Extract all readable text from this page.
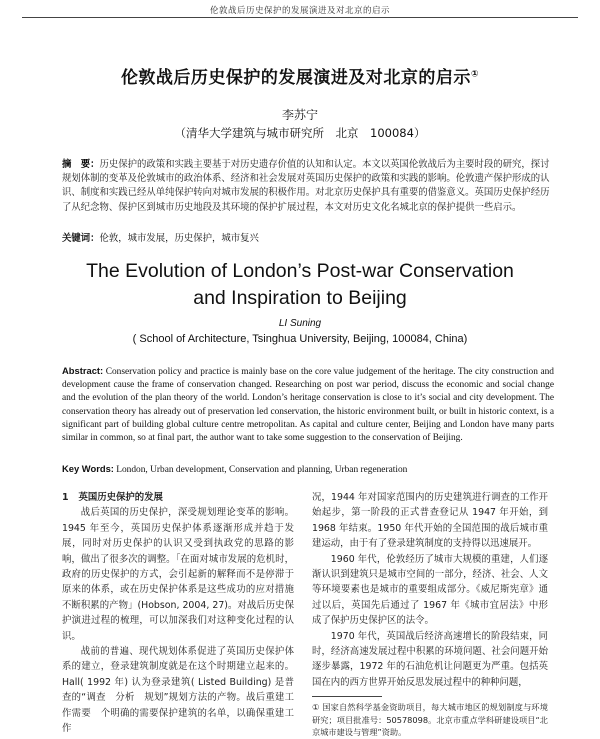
伦敦战后历史保护的发展演进及对北京的启示
伦敦战后历史保护的发展演进及对北京的启示①
李苏宁
（清华大学建筑与城市研究所　北京　100084）
摘　要：历史保护的政策和实践主要基于对历史遗存价值的认知和认定。本文以英国伦敦战后为主要时段的研究，探讨规划体制的变革及伦敦城市的政治体系、经济和社会发展对英国历史保护的政策和实践的影响。伦敦遗产保护形成的认识、制度和实践已经从单纯保护转向对城市发展的积极作用。对北京历史保护具有重要的借鉴意义。英国历史保护经历了从纪念物、保护区到城市历史地段及其环境的保护扩展过程，本文对历史文化名城北京的保护提供一些启示。
关键词：伦敦，城市发展，历史保护，城市复兴
The Evolution of London’s Post-war Conservation
and Inspiration to Beijing
LI Suning
( School of Architecture, Tsinghua University, Beijing, 100084, China)
Abstract: Conservation policy and practice is mainly base on the core value judgement of the heritage. The city construction and development cause the frame of conservation changed. Researching on post war period, discuss the economic and social change and the evolution of the plan theory of the world. London’s heritage conservation is close to it’s social and city development. The conservation theory has already out of preservation led conservation, the historic environment built, or built in historic context, is a significant part of building global culture centre metropolitan. As capital and culture center, Beijing and London have many parts similar in common, so at final part, the author want to take some suggestion to the conservation of Beijing.
Key Words: London, Urban development, Conservation and planning, Urban regeneration

1 英国历史保护的发展

战后英国的历史保护，深受规划理论变革的影响。1945 年至今，英国历史保护体系逐渐形成并趋于发展，同时对历史保护的认识又受到执政党的思路的影响，做出了很多次的调整。「在面对城市发展的危机时，政府的历史保护的方式，会引起新的解释而不是停滞于原来的体系，或在历史保护体系是这些成功的应对措施不断积累的产物」(Hobson, 2004, 27)。对战后历史保护演进过程的梳理，可以加深我们对这种变化过程的认识。

战前的普遍、现代规划体系促进了英国历史保护体系的建立，登录建筑制度就是在这个时期建立起来的。Hall( 1992 年) 认为登录建筑( Listed Building) 是普查的“调查　分析　规划”规划方法的产物。战后重建工作需要　个明确的需要保护建筑的名单，以确保重建工作

况，1944 年对国家范围内的历史建筑进行调查的工作开始起步，第一阶段的正式普查登记从 1947 年开始，到 1968 年结束。1950 年代开始的全国范围的战后城市重建运动，由于有了登录建筑制度的支持得以迅速展开。

1960 年代，伦敦经历了城市大规模的重建，人们逐渐认识到建筑只是城市空间的一部分，经济、社会、人文等环境要素也是城市的重要组成部分。《威尼斯宪章》通过以后，英国先后通过了 1967 年《城市宜居法》中形成了保护历史保护区的法令。

1970 年代，英国战后经济高速增长的阶段结束，同时，经济高速发展过程中积累的环境问题、社会问题开始逐步暴露，1972 年的石油危机让问题更为严重。包括英国在内的西方世界开始反思发展过程中的种种问题，

① 国家自然科学基金资助项目，每大城市地区的规划制度与环境研究；项目批准号：50578098。北京市重点学科研建设项目“北京城市建设与管理”资助。
